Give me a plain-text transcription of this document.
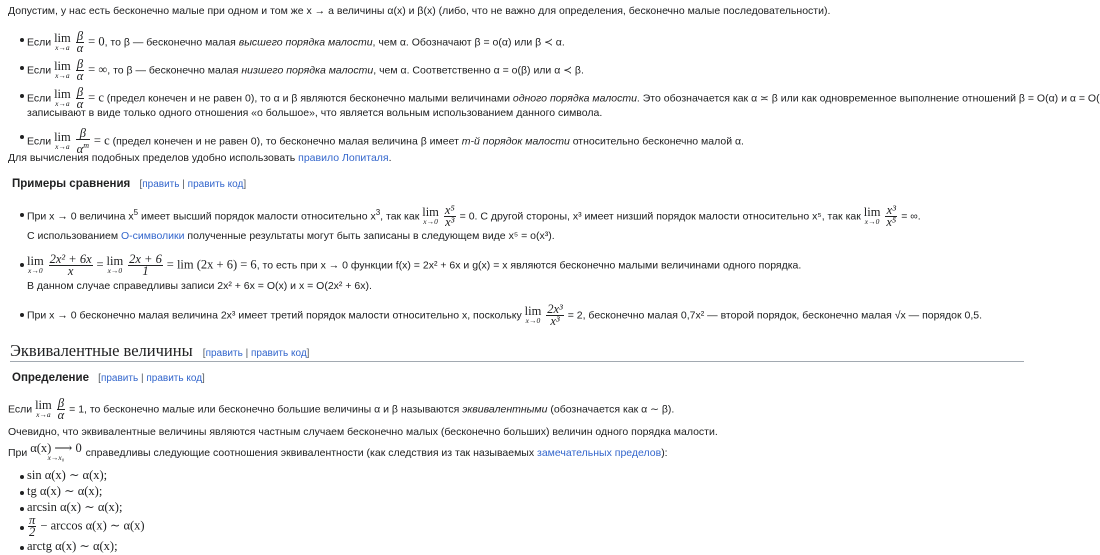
Допустим, у нас есть бесконечно малые при одном и том же x → a величины α(x) и β(x) (либо, что не важно для определения, бесконечно малые последовательности).
Если lim
x→a
$\frac{\beta}{\alpha} = 0$, то β — бесконечно малая высшего порядка малости, чем α. Обозначают β = o(α) или β ≺ α.
Если lim
x→a
$\frac{\beta}{\alpha}$ = ∞, то β — бесконечно малая низшего порядка малости, чем α. Соответственно α = o(β) или α ≺ β.
Если lim
x→a
$\frac{\beta}{\alpha} = c$ (предел конечен и не равен 0), то α и β являются бесконечно малыми величинами одного порядка малости. Это обозначается как α ≍ β или как одновременное выполнение отношений β = O(α) и α = O(
записывают в виде только одного отношения «о большое», что является вольным использованием данного символа.
Если lim
x→a
$\frac{\beta}{\alpha^m} = c$ (предел конечен и не равен 0), то бесконечно малая величина β имеет m-й порядок малости относительно бесконечно малой α.
Для вычисления подобных пределов удобно использовать правило Лопиталя.
Примеры сравнения [править | править код]
При x → 0 величина $x^5$ имеет высший порядок малости относительно $x^3$, так как lim
x→0
$\frac{\text{x⁵}}{\text{x³}} = 0$. С другой стороны, x³ имеет низший порядок малости относительно x⁵, так как lim
x→0
$\frac{\text{x³}}{\text{x⁵}}$ = ∞.
С использованием O-символики полученные результаты могут быть записаны в следующем виде x⁵ = o(x³).
lim
x→0
$\frac{\text{2x² + 6x}}{x} = \lim$
x→0
$\frac{2x + 6}{1} = \lim (2x + 6) = 6$, то есть при x → 0 функции f(x) = 2x² + 6x и g(x) = x являются бесконечно малыми величинами одного порядка.
В данном случае справедливы записи 2x² + 6x = O(x) и x = O(2x² + 6x).
При x → 0 бесконечно малая величина 2x³ имеет третий порядок малости относительно x, поскольку lim
x→0
$\frac{\text{2x³}}{\text{x³}} = 2$, бесконечно малая 0,7x² — второй порядок, бесконечно малая √x — порядок 0,5.
Эквивалентные величины [править | править код]
Определение [править | править код]
Если lim
x→a
$\frac{\beta}{\alpha} = 1$, то бесконечно малые или бесконечно большие величины α и β называются эквивалентными (обозначается как α ∼ β).
Очевидно, что эквивалентные величины являются частным случаем бесконечно малых (бесконечно больших) величин одного порядка малости.
При α(x) ⟶ 0
x→x₀	справедливы следующие соотношения эквивалентности (как следствия из так называемых замечательных пределов):
sin α(x) ∼ α(x);
tg α(x) ∼ α(x);
arcsin α(x) ∼ α(x);
$\frac{\pi}{2} - \arccos \alpha(x)$ ∼ α(x)
arctg α(x) ∼ α(x);
